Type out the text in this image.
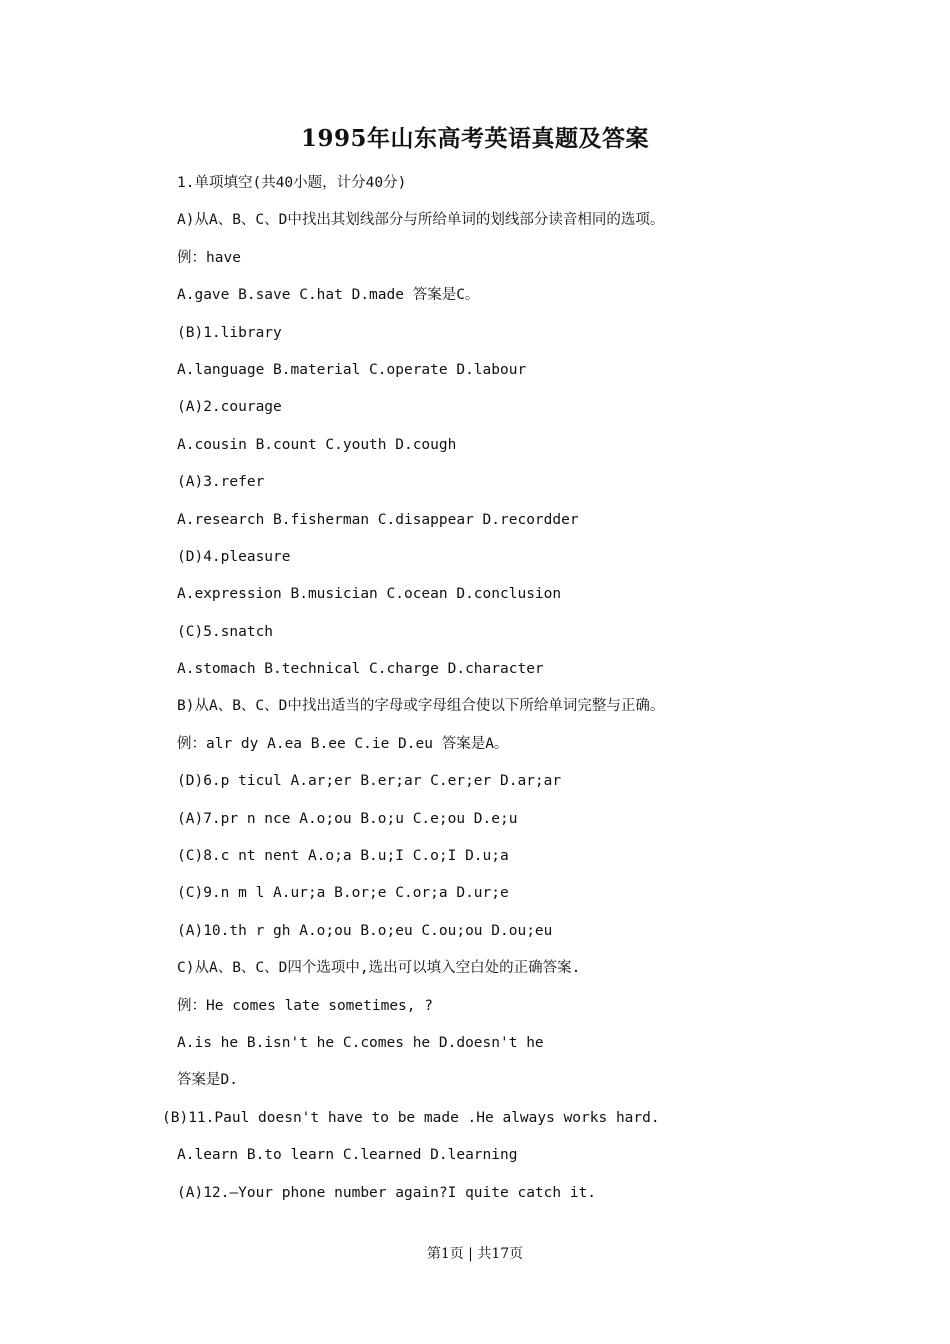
1995年山东高考英语真题及答案
1.单项填空(共40小题，计分40分)
A)从A、B、C、D中找出其划线部分与所给单词的划线部分读音相同的选项。
例：have
A.gave B.save C.hat D.made 答案是C。
(B)1.library
A.language B.material C.operate D.labour
(A)2.courage
A.cousin B.count C.youth D.cough
(A)3.refer
A.research B.fisherman C.disappear D.recordder
(D)4.pleasure
A.expression B.musician C.ocean D.conclusion
(C)5.snatch
A.stomach B.technical C.charge D.character
B)从A、B、C、D中找出适当的字母或字母组合使以下所给单词完整与正确。
例：alr dy A.ea B.ee C.ie D.eu 答案是A。
(D)6.p ticul A.ar;er B.er;ar C.er;er D.ar;ar
(A)7.pr n nce A.o;ou B.o;u C.e;ou D.e;u
(C)8.c nt nent A.o;a B.u;I C.o;I D.u;a
(C)9.n m l A.ur;a B.or;e C.or;a D.ur;e
(A)10.th r gh A.o;ou B.o;eu C.ou;ou D.ou;eu
C)从A、B、C、D四个选项中,选出可以填入空白处的正确答案.
例：He comes late sometimes, ?
A.is he B.isn't he C.comes he D.doesn't he
答案是D.
(B)11.Paul doesn't have to be made .He always works hard.
A.learn B.to learn C.learned D.learning
(A)12.—Your phone number again?I quite catch it.
第1页 | 共17页
